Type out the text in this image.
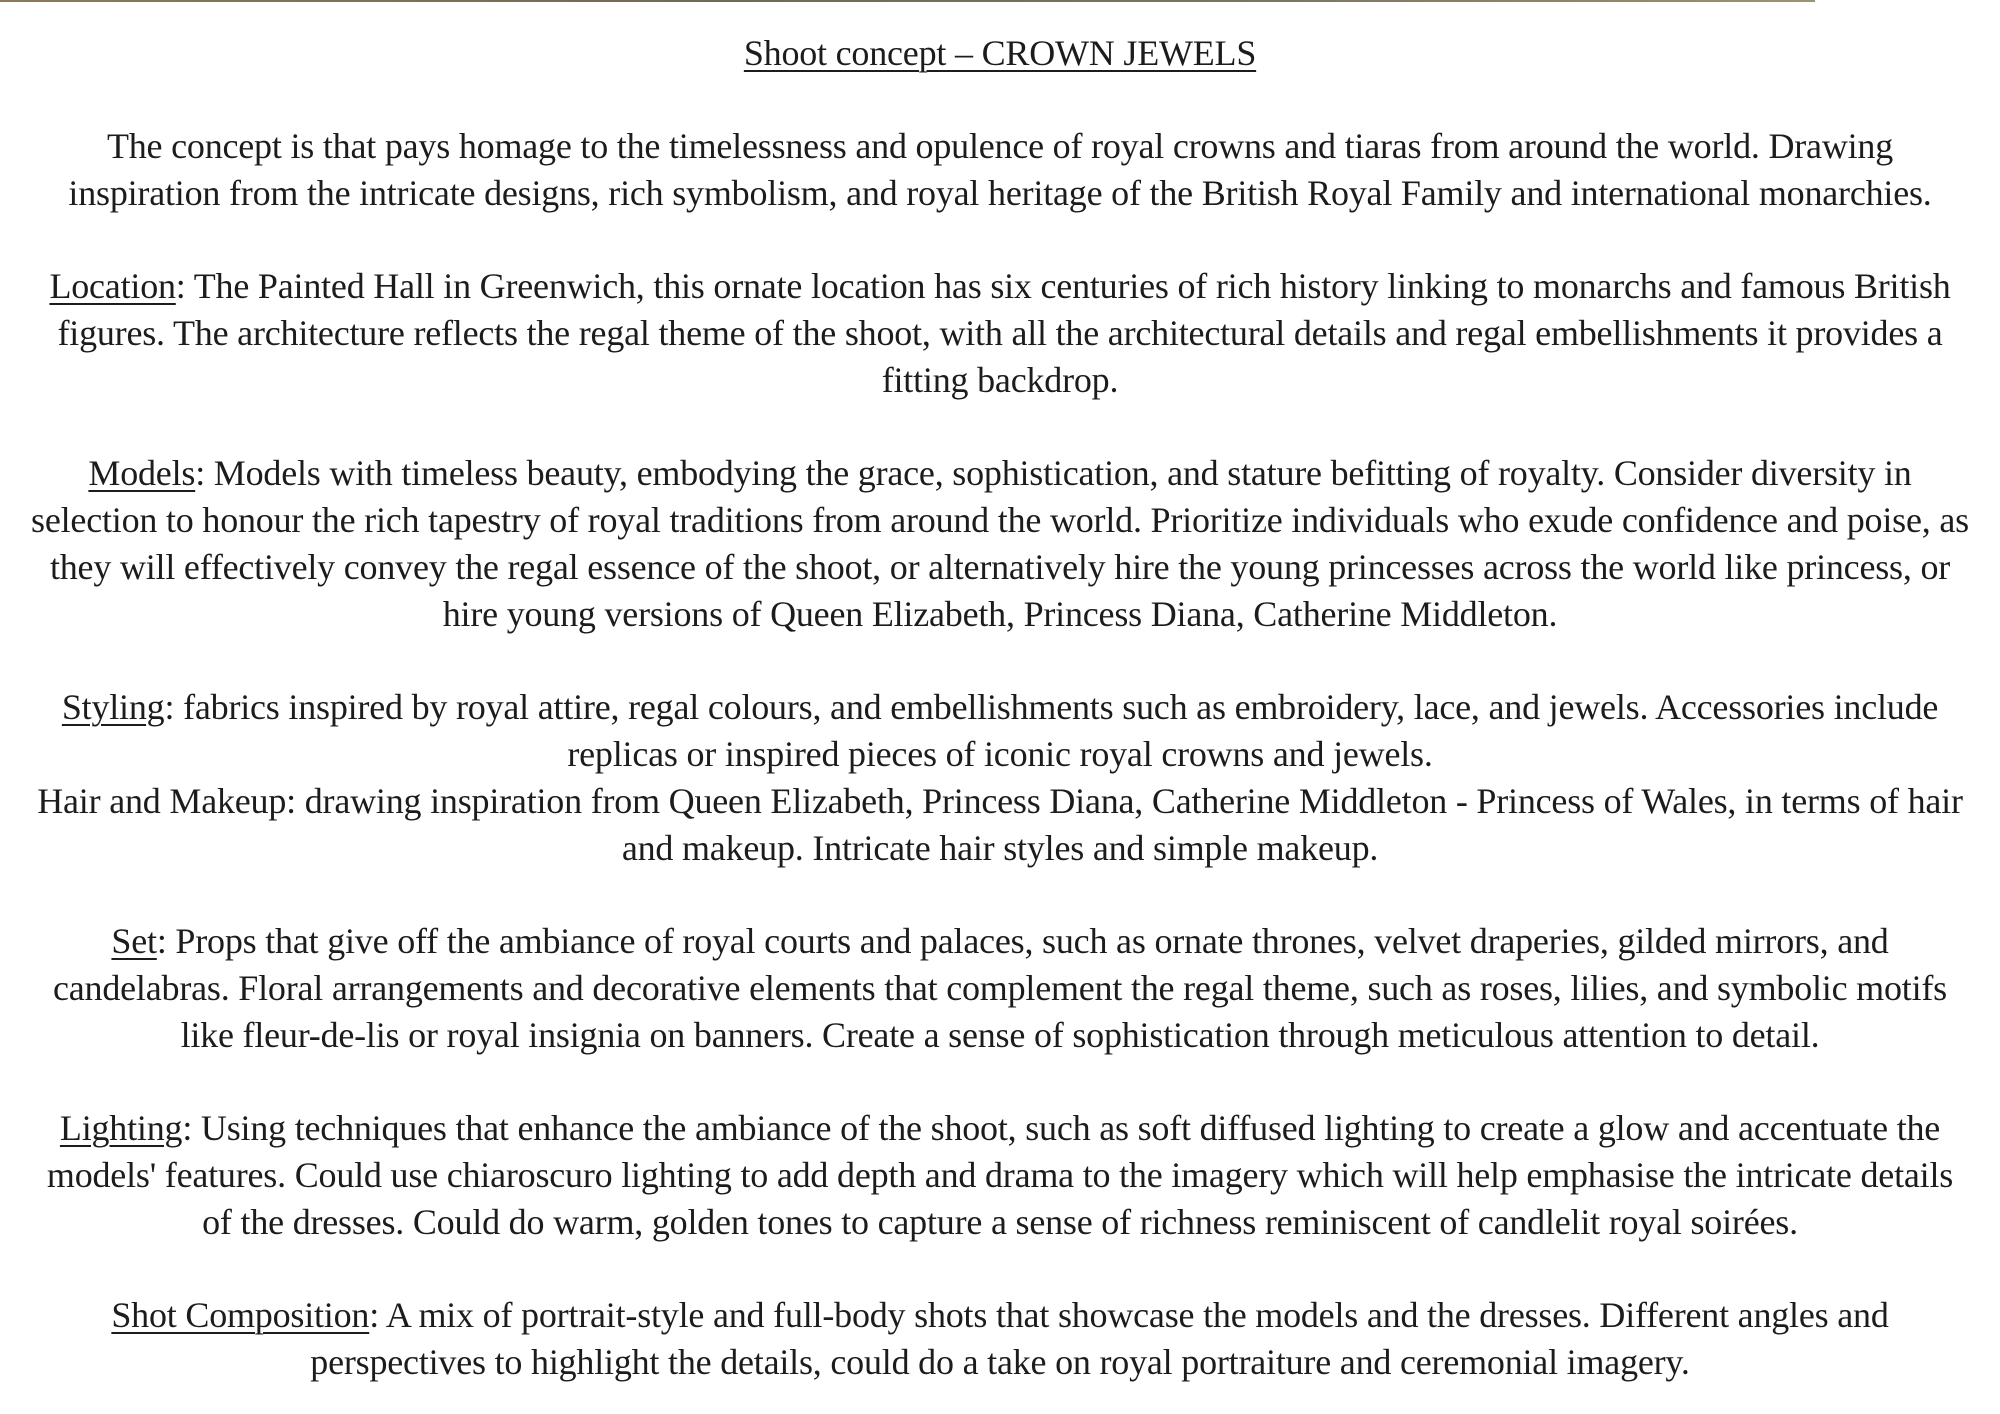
Shoot concept – CROWN JEWELS

The concept is that pays homage to the timelessness and opulence of royal crowns and tiaras from around the world. Drawing inspiration from the intricate designs, rich symbolism, and royal heritage of the British Royal Family and international monarchies.

Location: The Painted Hall in Greenwich, this ornate location has six centuries of rich history linking to monarchs and famous British figures. The architecture reflects the regal theme of the shoot, with all the architectural details and regal embellishments it provides a fitting backdrop.

Models: Models with timeless beauty, embodying the grace, sophistication, and stature befitting of royalty. Consider diversity in selection to honour the rich tapestry of royal traditions from around the world. Prioritize individuals who exude confidence and poise, as they will effectively convey the regal essence of the shoot, or alternatively hire the young princesses across the world like princess, or hire young versions of Queen Elizabeth, Princess Diana, Catherine Middleton.

Styling: fabrics inspired by royal attire, regal colours, and embellishments such as embroidery, lace, and jewels. Accessories include replicas or inspired pieces of iconic royal crowns and jewels.

Hair and Makeup: drawing inspiration from Queen Elizabeth, Princess Diana, Catherine Middleton - Princess of Wales, in terms of hair and makeup. Intricate hair styles and simple makeup.

Set: Props that give off the ambiance of royal courts and palaces, such as ornate thrones, velvet draperies, gilded mirrors, and candelabras. Floral arrangements and decorative elements that complement the regal theme, such as roses, lilies, and symbolic motifs like fleur-de-lis or royal insignia on banners. Create a sense of sophistication through meticulous attention to detail.

Lighting: Using techniques that enhance the ambiance of the shoot, such as soft diffused lighting to create a glow and accentuate the models' features. Could use chiaroscuro lighting to add depth and drama to the imagery which will help emphasise the intricate details of the dresses. Could do warm, golden tones to capture a sense of richness reminiscent of candlelit royal soirées.

Shot Composition: A mix of portrait-style and full-body shots that showcase the models and the dresses. Different angles and perspectives to highlight the details, could do a take on royal portraiture and ceremonial imagery.
